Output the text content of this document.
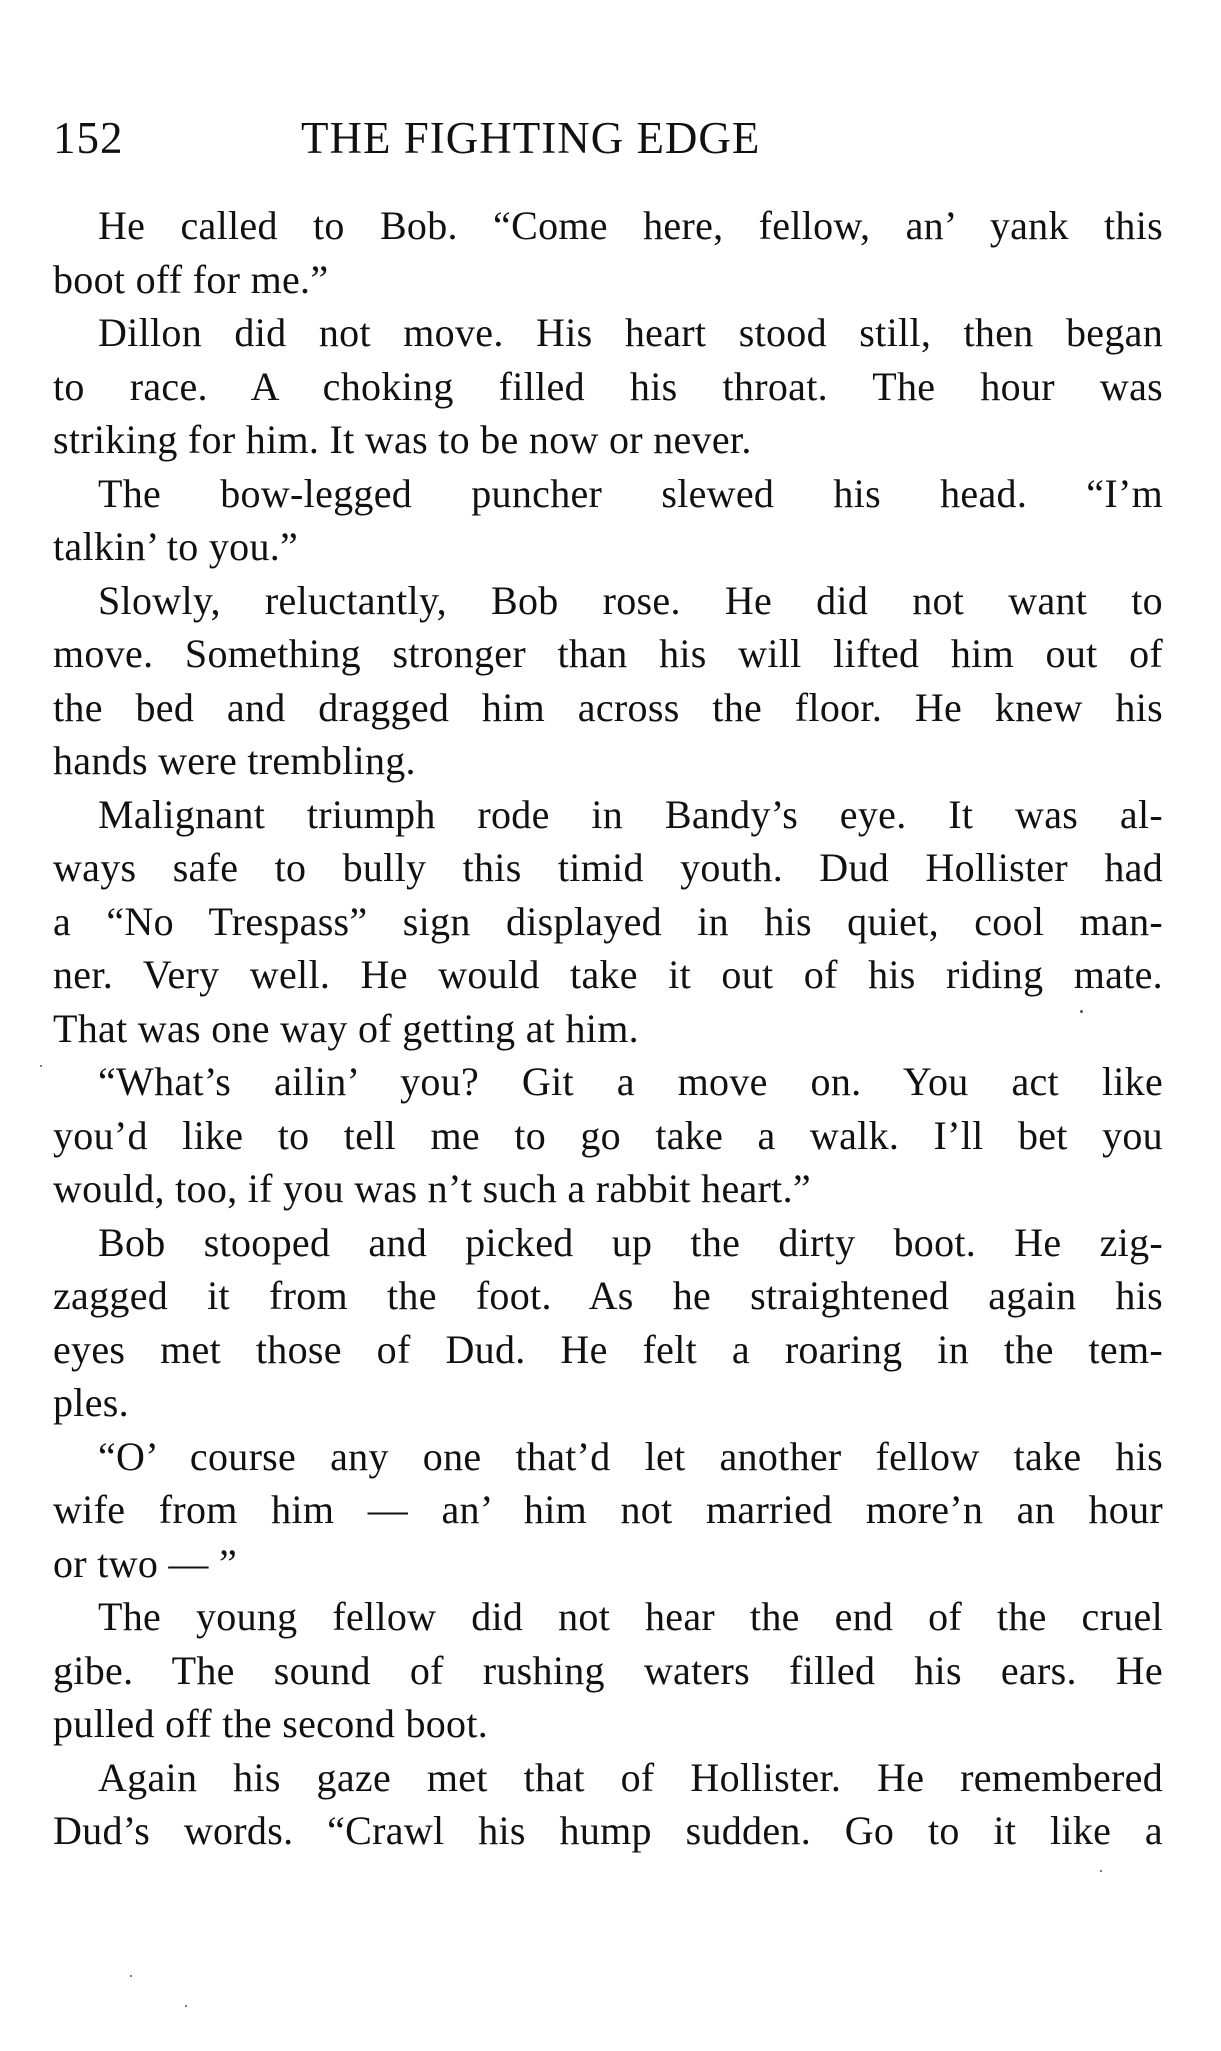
152	THE FIGHTING EDGE
He called to Bob. “Come here, fellow, an’ yank this
boot off for me.”
Dillon did not move. His heart stood still, then began
to race. A choking filled his throat. The hour was
striking for him. It was to be now or never.
The bow-legged puncher slewed his head. “I’m
talkin’ to you.”
Slowly, reluctantly, Bob rose. He did not want to
move. Something stronger than his will lifted him out of
the bed and dragged him across the floor. He knew his
hands were trembling.
Malignant triumph rode in Bandy’s eye. It was al-
ways safe to bully this timid youth. Dud Hollister had
a “No Trespass” sign displayed in his quiet, cool man-
ner. Very well. He would take it out of his riding mate.
That was one way of getting at him.
“What’s ailin’ you? Git a move on. You act like
you’d like to tell me to go take a walk. I’ll bet you
would, too, if you was n’t such a rabbit heart.”
Bob stooped and picked up the dirty boot. He zig-
zagged it from the foot. As he straightened again his
eyes met those of Dud. He felt a roaring in the tem-
ples.
“O’ course any one that’d let another fellow take his
wife from him — an’ him not married more’n an hour
or two — ”
The young fellow did not hear the end of the cruel
gibe. The sound of rushing waters filled his ears. He
pulled off the second boot.
Again his gaze met that of Hollister. He remembered
Dud’s words. “Crawl his hump sudden. Go to it like a
